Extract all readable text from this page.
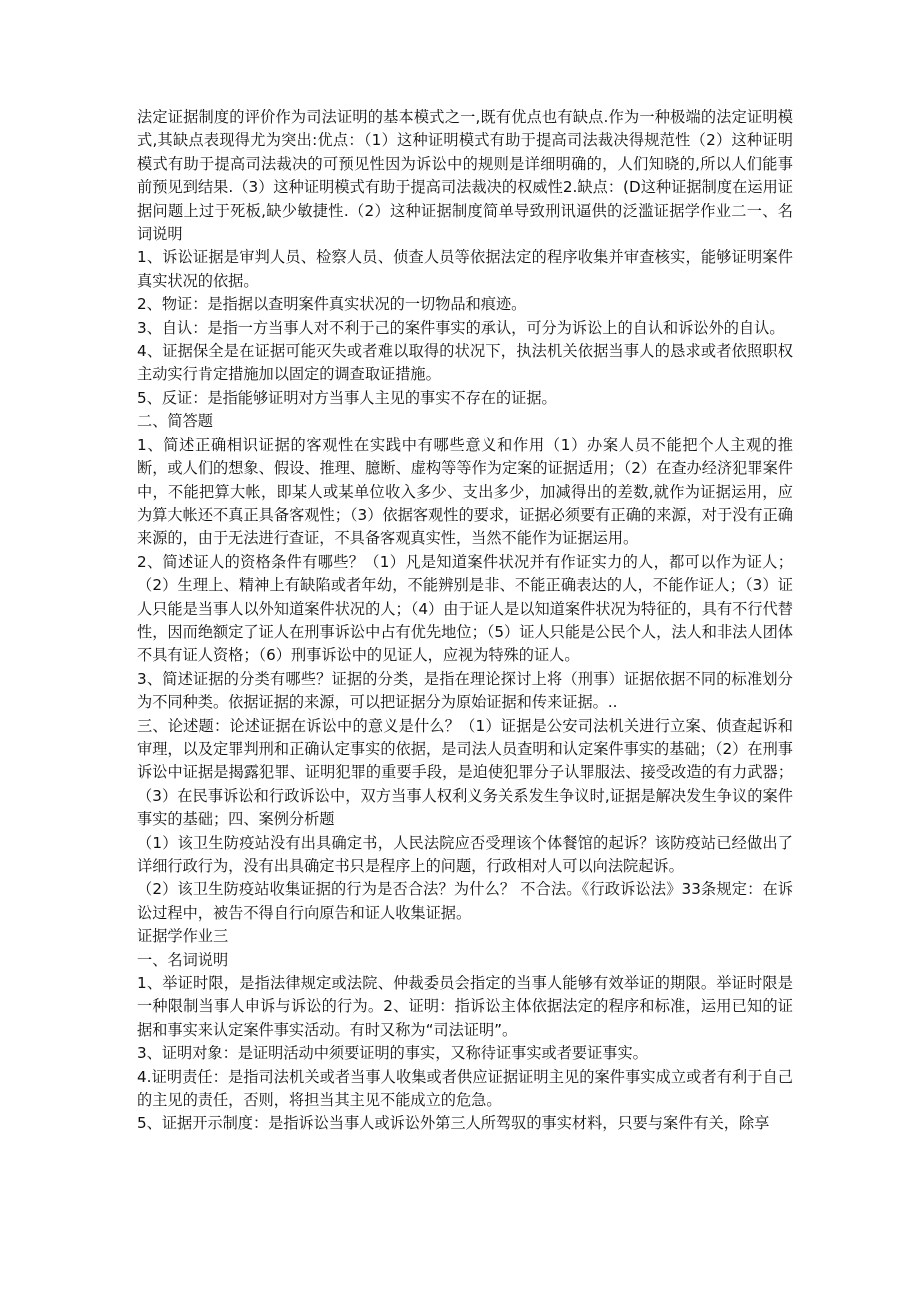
法定证据制度的评价作为司法证明的基本模式之一,既有优点也有缺点.作为一种极端的法定证明模式,其缺点表现得尤为突出:优点：（1）这种证明模式有助于提高司法裁决得规范性（2）这种证明模式有助于提高司法裁决的可预见性因为诉讼中的规则是详细明确的，人们知晓的,所以人们能事前预见到结果.（3）这种证明模式有助于提高司法裁决的权威性2.缺点：(D这种证据制度在运用证据问题上过于死板,缺少敏捷性.（2）这种证据制度简单导致刑讯逼供的泛滥证据学作业二一、名词说明

1、诉讼证据是审判人员、检察人员、侦查人员等依据法定的程序收集并审查核实，能够证明案件真实状况的依据。

2、物证：是指据以查明案件真实状况的一切物品和痕迹。

3、自认：是指一方当事人对不利于己的案件事实的承认，可分为诉讼上的自认和诉讼外的自认。

4、证据保全是在证据可能灭失或者难以取得的状况下，执法机关依据当事人的恳求或者依照职权主动实行肯定措施加以固定的调查取证措施。

5、反证：是指能够证明对方当事人主见的事实不存在的证据。

二、简答题

1、简述正确相识证据的客观性在实践中有哪些意义和作用（1）办案人员不能把个人主观的推断，或人们的想象、假设、推理、臆断、虚构等等作为定案的证据适用；（2）在查办经济犯罪案件中，不能把算大帐，即某人或某单位收入多少、支出多少，加减得出的差数,就作为证据运用，应为算大帐还不真正具备客观性；（3）依据客观性的要求，证据必须要有正确的来源，对于没有正确来源的，由于无法进行查证，不具备客观真实性，当然不能作为证据运用。

2、简述证人的资格条件有哪些？（1）凡是知道案件状况并有作证实力的人，都可以作为证人；（2）生理上、精神上有缺陷或者年幼，不能辨别是非、不能正确表达的人，不能作证人；（3）证人只能是当事人以外知道案件状况的人；（4）由于证人是以知道案件状况为特征的，具有不行代替性，因而绝额定了证人在刑事诉讼中占有优先地位；（5）证人只能是公民个人，法人和非法人团体不具有证人资格；（6）刑事诉讼中的见证人，应视为特殊的证人。

3、简述证据的分类有哪些？证据的分类，是指在理论探讨上将（刑事）证据依据不同的标准划分为不同种类。依据证据的来源，可以把证据分为原始证据和传来证据。..

三、论述题：论述证据在诉讼中的意义是什么？（1）证据是公安司法机关进行立案、侦查起诉和审理，以及定罪判刑和正确认定事实的依据，是司法人员查明和认定案件事实的基础；（2）在刑事诉讼中证据是揭露犯罪、证明犯罪的重要手段，是迫使犯罪分子认罪服法、接受改造的有力武器；（3）在民事诉讼和行政诉讼中，双方当事人权利义务关系发生争议时,证据是解决发生争议的案件事实的基础；四、案例分析题

（1）该卫生防疫站没有出具确定书，人民法院应否受理该个体餐馆的起诉？该防疫站已经做出了详细行政行为，没有出具确定书只是程序上的问题，行政相对人可以向法院起诉。

（2）该卫生防疫站收集证据的行为是否合法？为什么？ 不合法。《行政诉讼法》33条规定：在诉讼过程中，被告不得自行向原告和证人收集证据。

证据学作业三

一、名词说明

1、举证时限，是指法律规定或法院、仲裁委员会指定的当事人能够有效举证的期限。举证时限是一种限制当事人申诉与诉讼的行为。2、证明：指诉讼主体依据法定的程序和标准，运用已知的证据和事实来认定案件事实活动。有时又称为“司法证明”。

3、证明对象：是证明活动中须要证明的事实，又称待证事实或者要证事实。

4.证明责任：是指司法机关或者当事人收集或者供应证据证明主见的案件事实成立或者有利于自己的主见的责任，否则，将担当其主见不能成立的危急。

5、证据开示制度：是指诉讼当事人或诉讼外第三人所驾驭的事实材料，只要与案件有关，除享
